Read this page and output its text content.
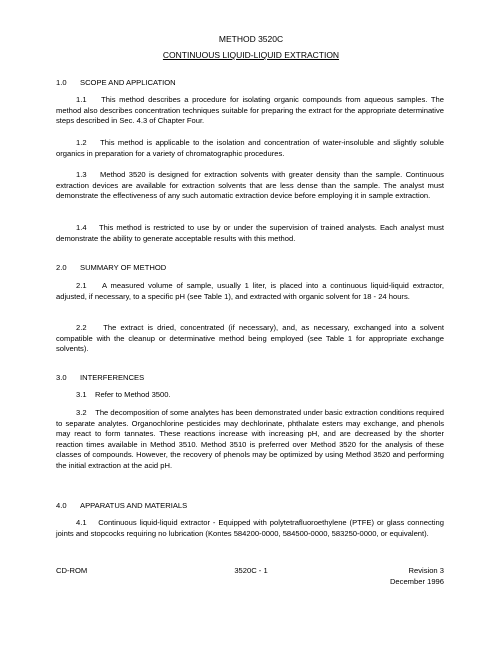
METHOD 3520C
CONTINUOUS LIQUID-LIQUID EXTRACTION
1.0 SCOPE AND APPLICATION

1.1 This method describes a procedure for isolating organic compounds from aqueous samples. The method also describes concentration techniques suitable for preparing the extract for the appropriate determinative steps described in Sec. 4.3 of Chapter Four.

1.2 This method is applicable to the isolation and concentration of water-insoluble and slightly soluble organics in preparation for a variety of chromatographic procedures.

1.3 Method 3520 is designed for extraction solvents with greater density than the sample. Continuous extraction devices are available for extraction solvents that are less dense than the sample. The analyst must demonstrate the effectiveness of any such automatic extraction device before employing it in sample extraction.

1.4 This method is restricted to use by or under the supervision of trained analysts. Each analyst must demonstrate the ability to generate acceptable results with this method.

2.0 SUMMARY OF METHOD

2.1 A measured volume of sample, usually 1 liter, is placed into a continuous liquid-liquid extractor, adjusted, if necessary, to a specific pH (see Table 1), and extracted with organic solvent for 18 - 24 hours.

2.2 The extract is dried, concentrated (if necessary), and, as necessary, exchanged into a solvent compatible with the cleanup or determinative method being employed (see Table 1 for appropriate exchange solvents).

3.0 INTERFERENCES

3.1 Refer to Method 3500.

3.2 The decomposition of some analytes has been demonstrated under basic extraction conditions required to separate analytes. Organochlorine pesticides may dechlorinate, phthalate esters may exchange, and phenols may react to form tannates. These reactions increase with increasing pH, and are decreased by the shorter reaction times available in Method 3510. Method 3510 is preferred over Method 3520 for the analysis of these classes of compounds. However, the recovery of phenols may be optimized by using Method 3520 and performing the initial extraction at the acid pH.

4.0 APPARATUS AND MATERIALS

4.1 Continuous liquid-liquid extractor - Equipped with polytetrafluoroethylene (PTFE) or glass connecting joints and stopcocks requiring no lubrication (Kontes 584200-0000, 584500-0000, 583250-0000, or equivalent).

CD-ROM	3520C - 1	Revision 3
December 1996
